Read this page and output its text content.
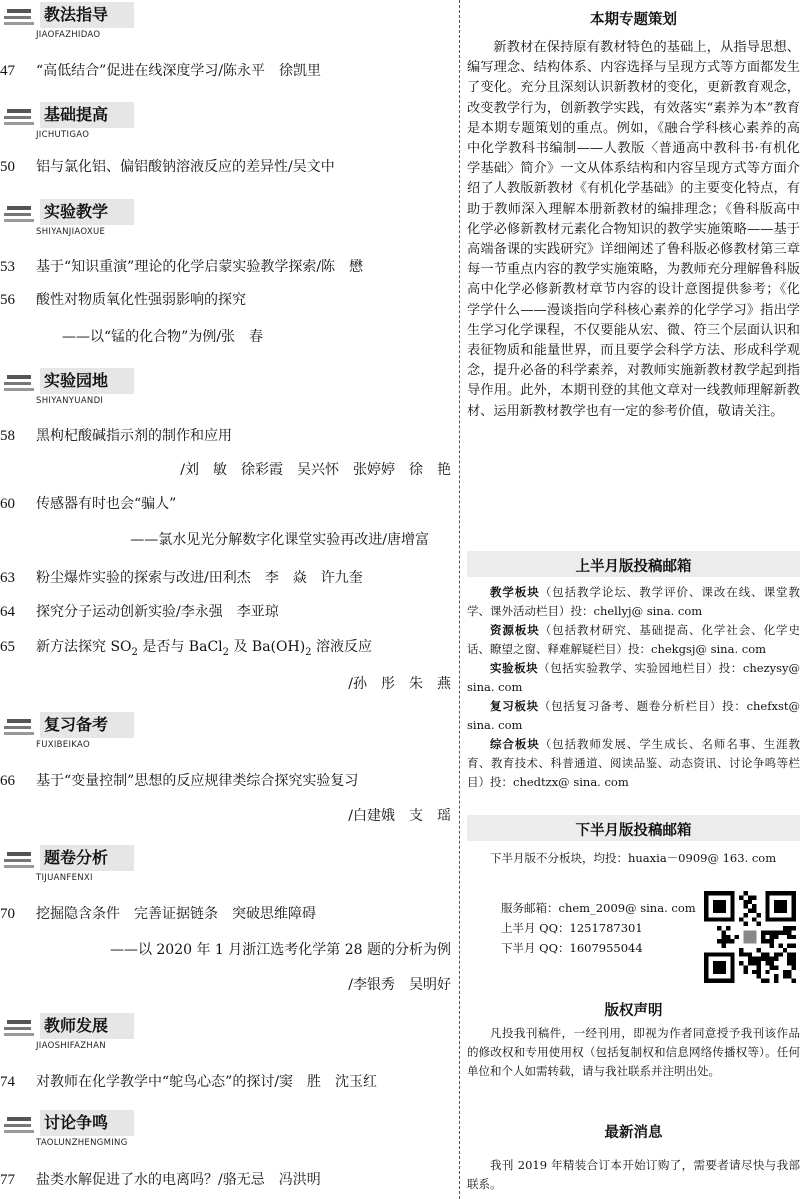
教法指导
JIAOFAZHIDAO
47 “高低结合”促进在线深度学习/陈永平　徐凯里
基础提高
JICHUTIGAO
50 铝与氯化铝、偏铝酸钠溶液反应的差异性/吴文中
实验教学
SHIYANJIAOXUE
53 基于“知识重演”理论的化学启蒙实验教学探索/陈　懋
56 酸性对物质氧化性强弱影响的探究
——以“锰的化合物”为例/张　春
实验园地
SHIYANYUANDI
58 黑枸杞酸碱指示剂的制作和应用
/刘　敏　徐彩霞　吴兴怀　张婷婷　徐　艳
60 传感器有时也会“骗人”
——氯水见光分解数字化课堂实验再改进/唐增富
63 粉尘爆炸实验的探索与改进/田利杰　李　焱　许九奎
64 探究分子运动创新实验/李永强　李亚琼
65 新方法探究 $SO_2$ 是否与 BaCl$_2$ 及 $Ba(OH)_2$ 溶液反应
/孙　彤　朱　燕
复习备考
FUXIBEIKAO
66 基于“变量控制”思想的反应规律类综合探究实验复习
/白建娥　支　瑶
题卷分析
TIJUANFENXI
70 挖掘隐含条件　完善证据链条　突破思维障碍
——以 2020 年 1 月浙江选考化学第 28 题的分析为例
/李银秀　吴明好
教师发展
JIAOSHIFAZHAN
74 对教师在化学教学中“鸵鸟心态”的探讨/窦　胜　沈玉红
讨论争鸣
TAOLUNZHENGMING
77 盐类水解促进了水的电离吗？/骆无忌　冯洪明
本期专题策划
新教材在保持原有教材特色的基础上，从指导思想、编写理念、结构体系、内容选择与呈现方式等方面都发生了变化。充分且深刻认识新教材的变化，更新教育观念，改变教学行为，创新教学实践，有效落实“素养为本”教育是本期专题策划的重点。例如，《融合学科核心素养的高中化学教科书编制——人教版〈普通高中教科书·有机化学基础〉简介》一文从体系结构和内容呈现方式等方面介绍了人教版新教材《有机化学基础》的主要变化特点，有助于教师深入理解本册新教材的编排理念；《鲁科版高中化学必修新教材元素化合物知识的教学实施策略——基于高端备课的实践研究》详细阐述了鲁科版必修教材第三章每一节重点内容的教学实施策略，为教师充分理解鲁科版高中化学必修新教材章节内容的设计意图提供参考；《化学学什么——漫谈指向学科核心素养的化学学习》指出学生学习化学课程，不仅要能从宏、微、符三个层面认识和表征物质和能量世界，而且要学会科学方法、形成科学观念，提升必备的科学素养，对教师实施新教材教学起到指导作用。此外，本期刊登的其他文章对一线教师理解新教材、运用新教材教学也有一定的参考价值，敬请关注。
上半月版投稿邮箱
教学板块（包括教学论坛、教学评价、课改在线、课堂教学、课外活动栏目）投：chellyj@ sina. com
资源板块（包括教材研究、基础提高、化学社会、化学史话、瞭望之窗、释难解疑栏目）投：chekgsj@ sina. com
实验板块（包括实验教学、实验园地栏目）投：chezysy@ sina. com
复习板块（包括复习备考、题卷分析栏目）投：chefxst@ sina. com
综合板块（包括教师发展、学生成长、名师名事、生涯教育、教育技术、科普通道、阅读品鉴、动态资讯、讨论争鸣等栏目）投：chedtzx@ sina. com
下半月版投稿邮箱
下半月版不分板块，均投：huaxia－0909@ 163. com
服务邮箱：chem_2009@ sina. com
上半月 QQ：1251787301
下半月 QQ：1607955044
版权声明
凡投我刊稿件，一经刊用，即视为作者同意授予我刊该作品的修改权和专用使用权（包括复制权和信息网络传播权等）。任何单位和个人如需转载，请与我社联系并注明出处。
最新消息
我刊 2019 年精装合订本开始订购了，需要者请尽快与我部联系。
